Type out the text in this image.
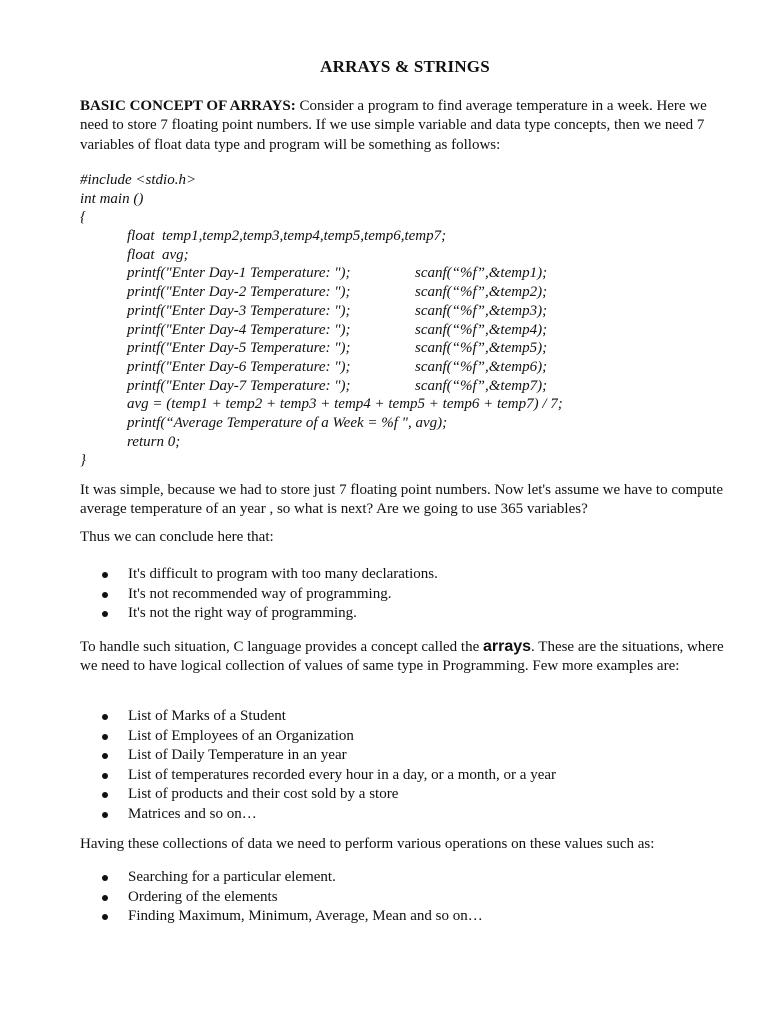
ARRAYS & STRINGS
BASIC CONCEPT OF ARRAYS: Consider a program to find average temperature in a week. Here we need to store 7 floating point numbers. If we use simple variable and data type concepts, then we need 7 variables of float data type and program will be something as follows:
#include <stdio.h>
int main ()
{
float  temp1,temp2,temp3,temp4,temp5,temp6,temp7;
float  avg;
printf("Enter Day-1 Temperature: ");	scanf(“%f”,&temp1);
printf("Enter Day-2 Temperature: ");	scanf(“%f”,&temp2);
printf("Enter Day-3 Temperature: ");	scanf(“%f”,&temp3);
printf("Enter Day-4 Temperature: ");	scanf(“%f”,&temp4);
printf("Enter Day-5 Temperature: ");	scanf(“%f”,&temp5);
printf("Enter Day-6 Temperature: ");	scanf(“%f”,&temp6);
printf("Enter Day-7 Temperature: ");	scanf(“%f”,&temp7);
avg = (temp1 + temp2 + temp3 + temp4 + temp5 + temp6 + temp7) / 7;
printf(“Average Temperature of a Week = %f ", avg);
return 0;
}
It was simple, because we had to store just 7 floating point numbers. Now let's assume we have to compute average temperature of an year , so what is next? Are we going to use 365 variables?
Thus we can conclude here that:
It's difficult to program with too many declarations.
It's not recommended way of programming.
It's not the right way of programming.
To handle such situation, C language provides a concept called the arrays. These are the situations, where we need to have logical collection of values of same type in Programming. Few more examples are:
List of Marks of a Student
List of Employees of an Organization
List of Daily Temperature in an year
List of temperatures recorded every hour in a day, or a month, or a year
List of products and their cost sold by a store
Matrices and so on…
Having these collections of data we need to perform various operations on these values such as:
Searching for a particular element.
Ordering of the elements
Finding Maximum, Minimum, Average, Mean and so on…
